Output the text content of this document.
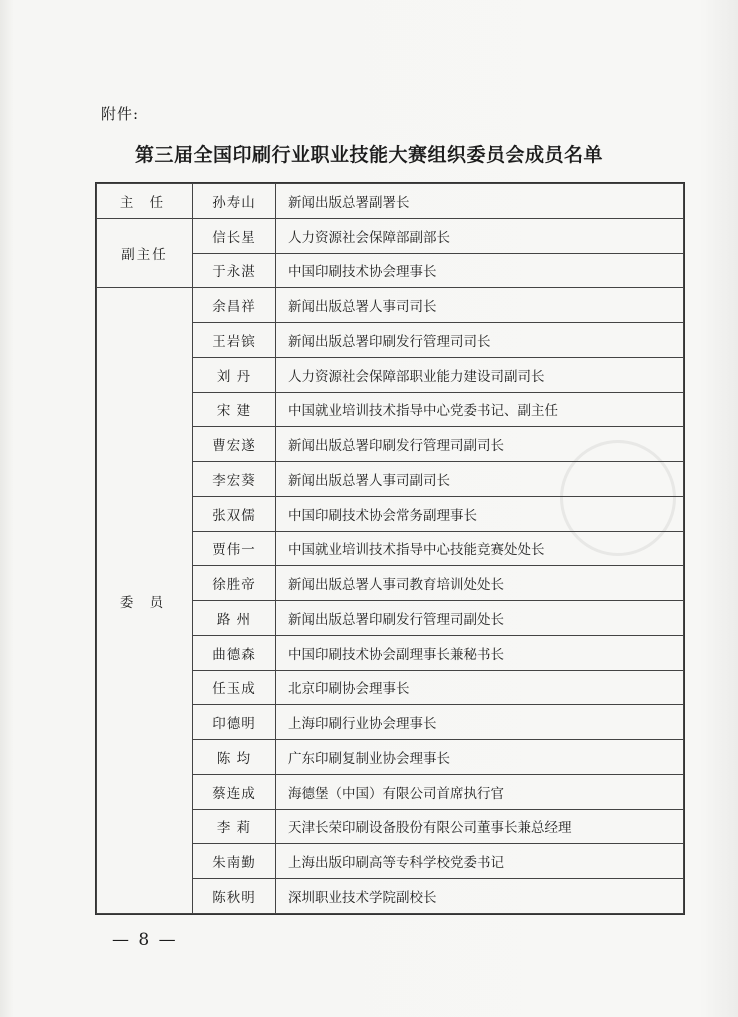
附件:
第三届全国印刷行业职业技能大赛组织委员会成员名单
主 任	孙寿山	新闻出版总署副署长
副主任	信长星	人力资源社会保障部副部长
	于永湛	中国印刷技术协会理事长
委 员	余昌祥	新闻出版总署人事司司长
	王岩镔	新闻出版总署印刷发行管理司司长
	刘 丹	人力资源社会保障部职业能力建设司副司长
	宋 建	中国就业培训技术指导中心党委书记、副主任
	曹宏遂	新闻出版总署印刷发行管理司副司长
	李宏葵	新闻出版总署人事司副司长
	张双儒	中国印刷技术协会常务副理事长
	贾伟一	中国就业培训技术指导中心技能竞赛处处长
	徐胜帝	新闻出版总署人事司教育培训处处长
	路 州	新闻出版总署印刷发行管理司副处长
	曲德森	中国印刷技术协会副理事长兼秘书长
	任玉成	北京印刷协会理事长
	印德明	上海印刷行业协会理事长
	陈 均	广东印刷复制业协会理事长
	蔡连成	海德堡（中国）有限公司首席执行官
	李 莉	天津长荣印刷设备股份有限公司董事长兼总经理
	朱南勤	上海出版印刷高等专科学校党委书记
	陈秋明	深圳职业技术学院副校长
— 8 —
